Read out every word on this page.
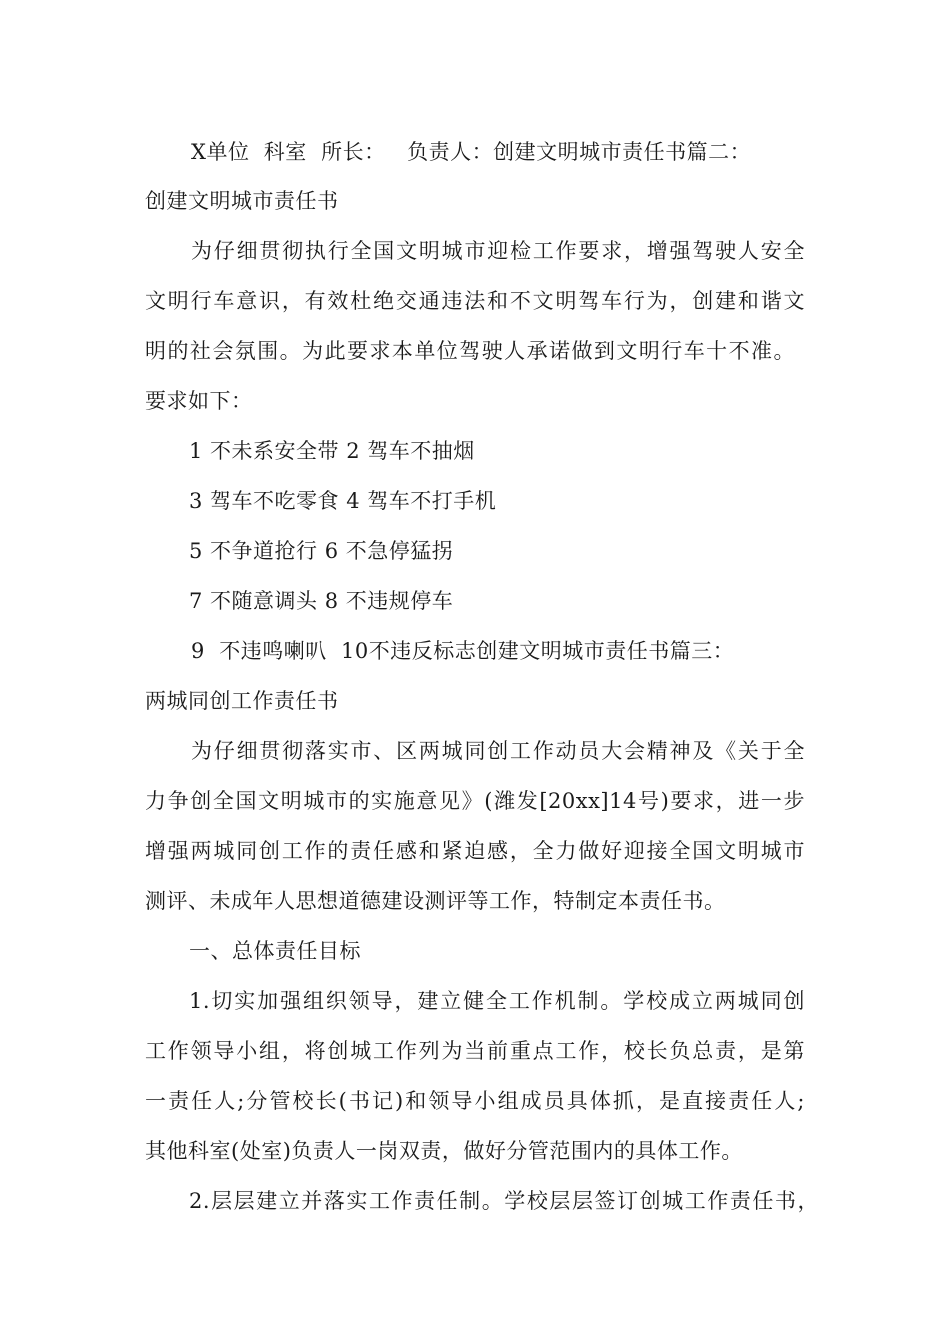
X单位  科室  所长：   负责人：创建文明城市责任书篇二：
创建文明城市责任书
为仔细贯彻执行全国文明城市迎检工作要求，增强驾驶人安全
文明行车意识，有效杜绝交通违法和不文明驾车行为，创建和谐文
明的社会氛围。为此要求本单位驾驶人承诺做到文明行车十不准。
要求如下：
1 不未系安全带 2 驾车不抽烟
3 驾车不吃零食 4 驾车不打手机
5 不争道抢行 6 不急停猛拐
7 不随意调头 8 不违规停车
9  不违鸣喇叭  10不违反标志创建文明城市责任书篇三：
两城同创工作责任书
为仔细贯彻落实市、区两城同创工作动员大会精神及《关于全
力争创全国文明城市的实施意见》(潍发[20xx]14号)要求，进一步
增强两城同创工作的责任感和紧迫感，全力做好迎接全国文明城市
测评、未成年人思想道德建设测评等工作，特制定本责任书。
一、总体责任目标
1.切实加强组织领导，建立健全工作机制。学校成立两城同创
工作领导小组，将创城工作列为当前重点工作，校长负总责，是第
一责任人;分管校长(书记)和领导小组成员具体抓，是直接责任人;
其他科室(处室)负责人一岗双责，做好分管范围内的具体工作。
2.层层建立并落实工作责任制。学校层层签订创城工作责任书，
